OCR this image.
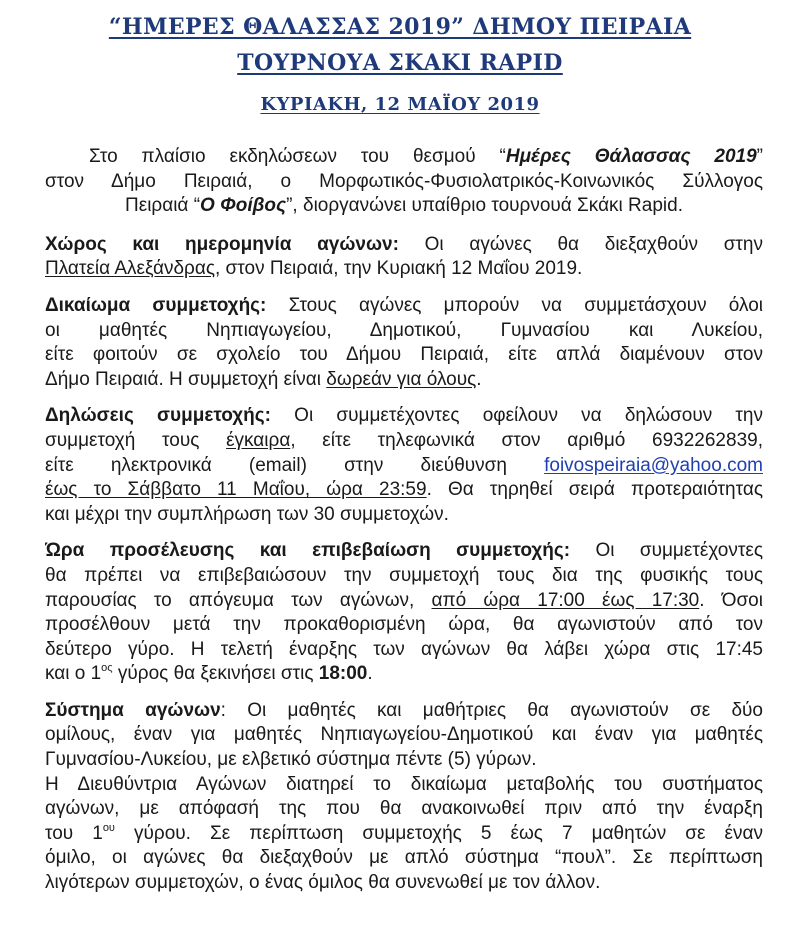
“ΗΜΕΡΕΣ ΘΑΛΑΣΣΑΣ 2019” ΔΗΜΟΥ ΠΕΙΡΑΙΑ
ΤΟΥΡΝΟΥΑ ΣΚΑΚΙ RAPID
ΚΥΡΙΑΚΗ, 12 ΜΑΪΟΥ 2019
Στο πλαίσιο εκδηλώσεων του θεσμού “Ημέρες Θάλασσας 2019”
στον Δήμο Πειραιά, ο Μορφωτικός-Φυσιολατρικός-Κοινωνικός Σύλλογος
Πειραιά “Ο Φοίβος”, διοργανώνει υπαίθριο τουρνουά Σκάκι Rapid.
Χώρος και ημερομηνία αγώνων: Οι αγώνες θα διεξαχθούν στην
Πλατεία Αλεξάνδρας, στον Πειραιά, την Κυριακή 12 Μαΐου 2019.
Δικαίωμα συμμετοχής: Στους αγώνες μπορούν να συμμετάσχουν όλοι
οι μαθητές Νηπιαγωγείου, Δημοτικού, Γυμνασίου και Λυκείου,
είτε φοιτούν σε σχολείο του Δήμου Πειραιά, είτε απλά διαμένουν στον
Δήμο Πειραιά. Η συμμετοχή είναι δωρεάν για όλους.
Δηλώσεις συμμετοχής: Οι συμμετέχοντες οφείλουν να δηλώσουν την
συμμετοχή τους έγκαιρα, είτε τηλεφωνικά στον αριθμό 6932262839,
είτε ηλεκτρονικά (email) στην διεύθυνση foivospeiraia@yahoo.com
έως το Σάββατο 11 Μαΐου, ώρα 23:59. Θα τηρηθεί σειρά προτεραιότητας
και μέχρι την συμπλήρωση των 30 συμμετοχών.
Ώρα προσέλευσης και επιβεβαίωση συμμετοχής: Οι συμμετέχοντες
θα πρέπει να επιβεβαιώσουν την συμμετοχή τους δια της φυσικής τους
παρουσίας το απόγευμα των αγώνων, από ώρα 17:00 έως 17:30. Όσοι
προσέλθουν μετά την προκαθορισμένη ώρα, θα αγωνιστούν από τον
δεύτερο γύρο. Η τελετή έναρξης των αγώνων θα λάβει χώρα στις 17:45
και ο $1^{o\varsigma}$ γύρος θα ξεκινήσει στις 18:00.
Σύστημα αγώνων: Οι μαθητές και μαθήτριες θα αγωνιστούν σε δύο
ομίλους, έναν για μαθητές Νηπιαγωγείου-Δημοτικού και έναν για μαθητές
Γυμνασίου-Λυκείου, με ελβετικό σύστημα πέντε (5) γύρων.
Η Διευθύντρια Αγώνων διατηρεί το δικαίωμα μεταβολής του συστήματος
αγώνων, με απόφασή της που θα ανακοινωθεί πριν από την έναρξη
του $1^{o\upsilon}$ γύρου. Σε περίπτωση συμμετοχής 5 έως 7 μαθητών σε έναν
όμιλο, οι αγώνες θα διεξαχθούν με απλό σύστημα “πουλ”. Σε περίπτωση
λιγότερων συμμετοχών, ο ένας όμιλος θα συνενωθεί με τον άλλον.
